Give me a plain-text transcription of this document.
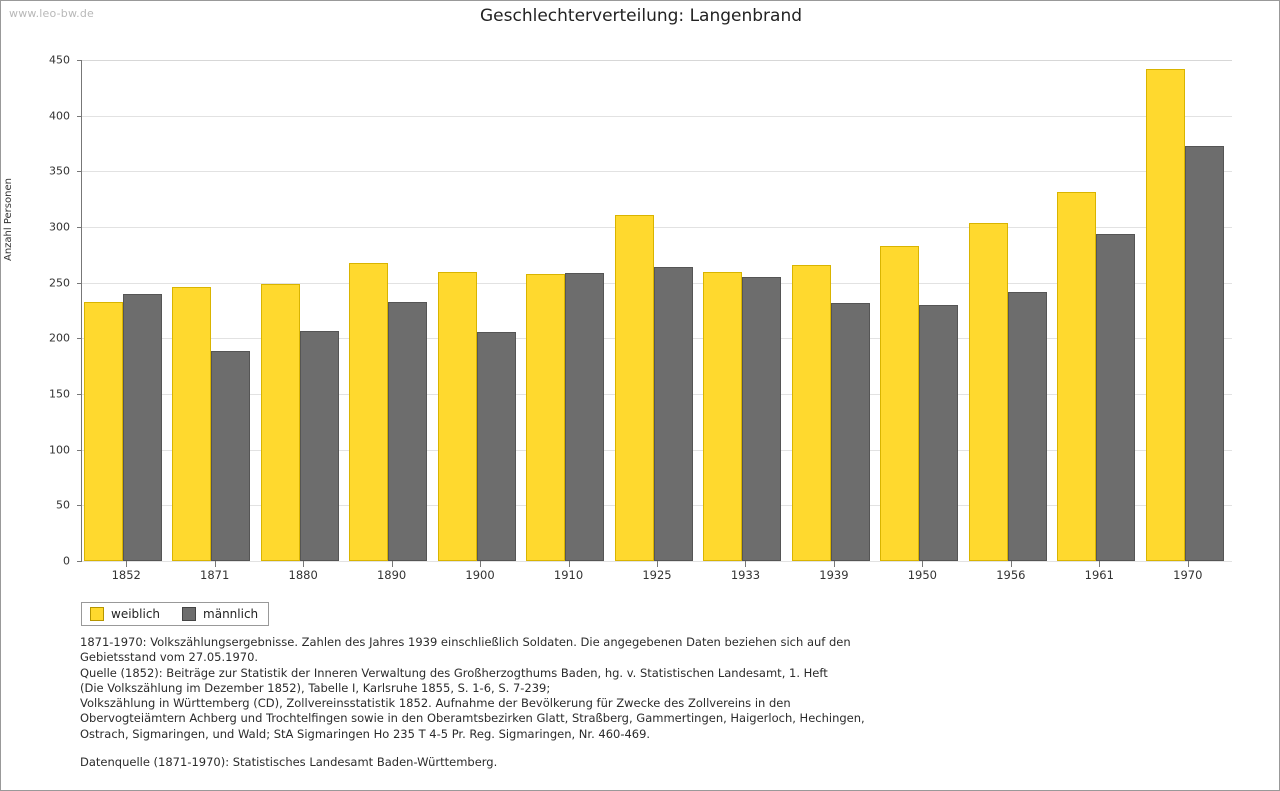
www.leo-bw.de	Geschlechterverteilung: Langenbrand
Anzahl Personen
0
50
100
150
200
250
300
350
400
450
1852	1871	1880	1890	1900	1910	1925	1933	1939	1950	1956	1961	1970
weiblich	männlich
1871-1970: Volkszählungsergebnisse. Zahlen des Jahres 1939 einschließlich Soldaten. Die angegebenen Daten beziehen sich auf den
Gebietsstand vom 27.05.1970.
Quelle (1852): Beiträge zur Statistik der Inneren Verwaltung des Großherzogthums Baden, hg. v. Statistischen Landesamt, 1. Heft
(Die Volkszählung im Dezember 1852), Tabelle I, Karlsruhe 1855, S. 1-6, S. 7-239;
Volkszählung in Württemberg (CD), Zollvereinsstatistik 1852. Aufnahme der Bevölkerung für Zwecke des Zollvereins in den
Obervogteiämtern Achberg und Trochtelfingen sowie in den Oberamtsbezirken Glatt, Straßberg, Gammertingen, Haigerloch, Hechingen,
Ostrach, Sigmaringen, und Wald; StA Sigmaringen Ho 235 T 4-5 Pr. Reg. Sigmaringen, Nr. 460-469.
Datenquelle (1871-1970): Statistisches Landesamt Baden-Württemberg.
